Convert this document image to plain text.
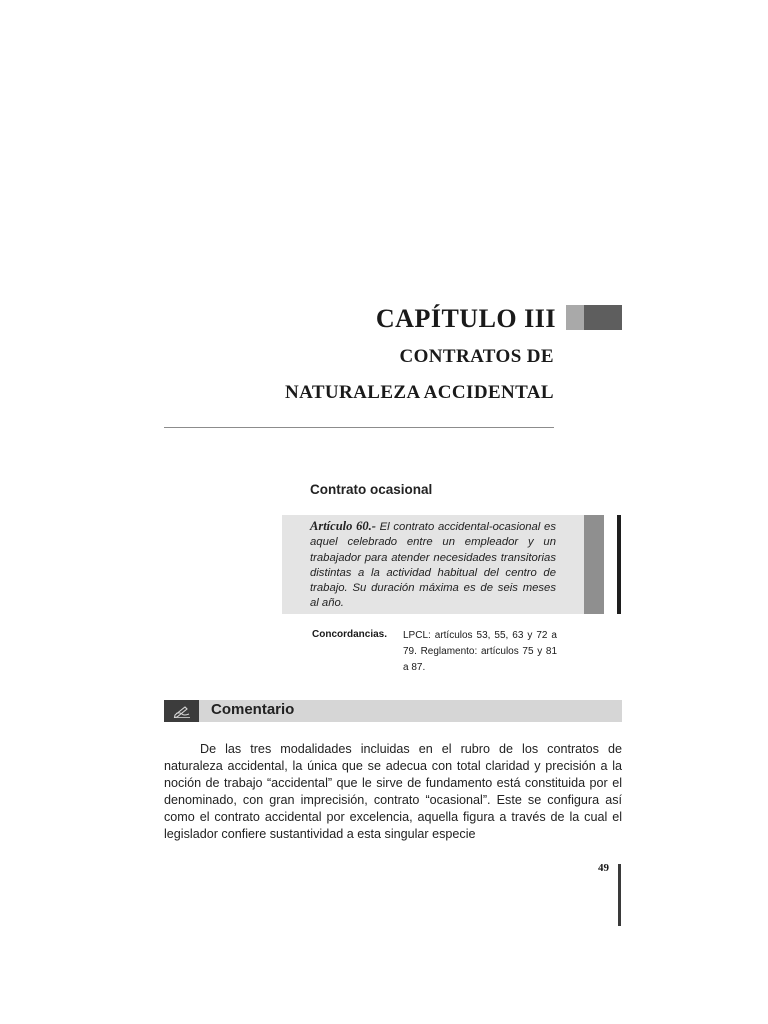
CAPÍTULO III
CONTRATOS DE
NATURALEZA ACCIDENTAL
Contrato ocasional

Artículo 60.- El contrato accidental-ocasional es aquel celebrado entre un empleador y un trabajador para atender necesidades transitorias distintas a la actividad habitual del centro de trabajo. Su duración máxima es de seis meses al año.

Concordancias. LPCL: artículos 53, 55, 63 y 72 a 79. Reglamento: artículos 75 y 81 a 87.

Comentario

De las tres modalidades incluidas en el rubro de los contratos de naturaleza accidental, la única que se adecua con total claridad y precisión a la noción de trabajo “accidental” que le sirve de fundamento está constituida por el denominado, con gran imprecisión, contrato “ocasional”. Este se configura así como el contrato accidental por excelencia, aquella figura a través de la cual el legislador confiere sustantividad a esta singular especie

49
